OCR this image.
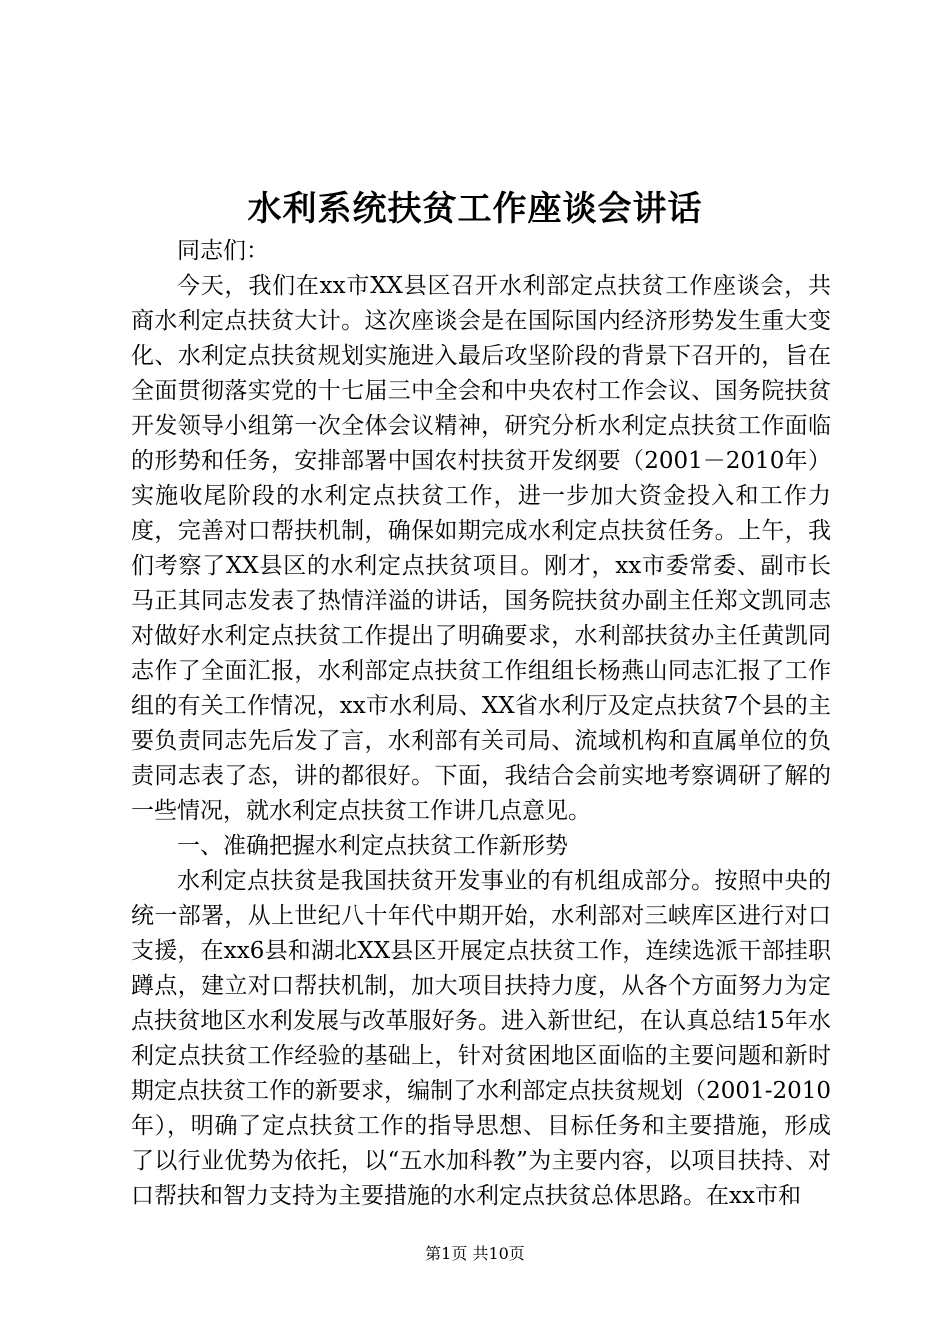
水利系统扶贫工作座谈会讲话

同志们：

今天，我们在xx市XX县区召开水利部定点扶贫工作座谈会，共商水利定点扶贫大计。这次座谈会是在国际国内经济形势发生重大变化、水利定点扶贫规划实施进入最后攻坚阶段的背景下召开的，旨在全面贯彻落实党的十七届三中全会和中央农村工作会议、国务院扶贫开发领导小组第一次全体会议精神，研究分析水利定点扶贫工作面临的形势和任务，安排部署中国农村扶贫开发纲要（2001－2010年）实施收尾阶段的水利定点扶贫工作，进一步加大资金投入和工作力度，完善对口帮扶机制，确保如期完成水利定点扶贫任务。上午，我们考察了XX县区的水利定点扶贫项目。刚才，xx市委常委、副市长马正其同志发表了热情洋溢的讲话，国务院扶贫办副主任郑文凯同志对做好水利定点扶贫工作提出了明确要求，水利部扶贫办主任黄凯同志作了全面汇报，水利部定点扶贫工作组组长杨燕山同志汇报了工作组的有关工作情况，xx市水利局、XX省水利厅及定点扶贫7个县的主要负责同志先后发了言，水利部有关司局、流域机构和直属单位的负责同志表了态，讲的都很好。下面，我结合会前实地考察调研了解的一些情况，就水利定点扶贫工作讲几点意见。

一、准确把握水利定点扶贫工作新形势

水利定点扶贫是我国扶贫开发事业的有机组成部分。按照中央的统一部署，从上世纪八十年代中期开始，水利部对三峡库区进行对口支援，在xx6县和湖北XX县区开展定点扶贫工作，连续选派干部挂职蹲点，建立对口帮扶机制，加大项目扶持力度，从各个方面努力为定点扶贫地区水利发展与改革服好务。进入新世纪，在认真总结15年水利定点扶贫工作经验的基础上，针对贫困地区面临的主要问题和新时期定点扶贫工作的新要求，编制了水利部定点扶贫规划（2001-2010年），明确了定点扶贫工作的指导思想、目标任务和主要措施，形成了以行业优势为依托，以“五水加科教”为主要内容，以项目扶持、对口帮扶和智力支持为主要措施的水利定点扶贫总体思路。在xx市和

第1页 共10页
